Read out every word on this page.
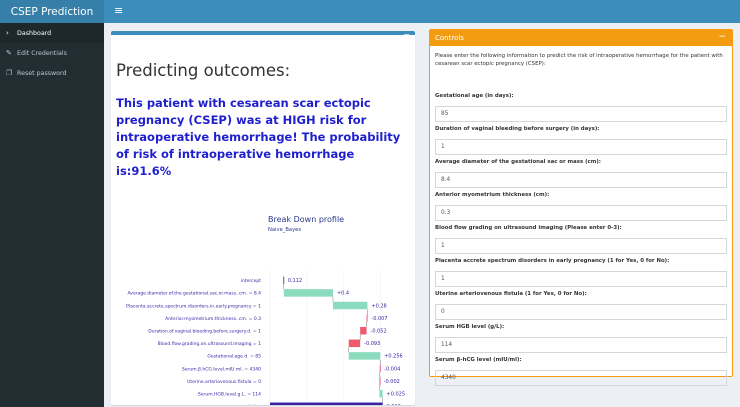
CSEP Prediction	≡
›	Dashboard
✎ Edit Credentials
❐ Reset password
−
Predicting outcomes:
This patient with cesarean scar ectopic pregnancy (CSEP) was at HIGH risk for intraoperative hemorrhage! The probability of risk of intraoperative hemorrhage is:91.6%
Break Down profile
Naive_Bayes
intercept	0.112
Average.diameter.of.the.gestational.sac.or.mass..cm. = 8.4	+0.4
Placenta.accrete.spectrum.disorders.in.early.pregnancy = 1	+0.28
Anterior.myometrium.thickness..cm. = 0.3	-0.007
Duration.of.vaginal.bleeding.before.surgery.d. = 1	-0.052
Blood.flow.grading.on.ultrasound.imaging = 1	-0.093
Gestational.age.d. = 85	+0.256
Serum.β.hCG.level.mIU.ml. = 4340	-0.004
Uterine.arteriovenous.fistula = 0	-0.002
Serum.HGB.level.g.L. = 114	+0.025
Controls	−
Please enter the following information to predict the risk of intraoperative hemorrhage for the patient with cesarean scar ectopic pregnancy (CSEP):
Gestational age (in days):
85
Duration of vaginal bleeding before surgery (in days):
1
Average diameter of the gestational sac or mass (cm):
8.4
Anterior myometrium thickness (cm):
0.3
Blood flow grading on ultrasound imaging (Please enter 0-3):
1
Placenta accrete spectrum disorders in early pregnancy (1 for Yes, 0 for No):
1
Uterine arteriovenous fistula (1 for Yes, 0 for No):
0
Serum HGB level (g/L):
114
Serum β-hCG level (mIU/ml):
4340
